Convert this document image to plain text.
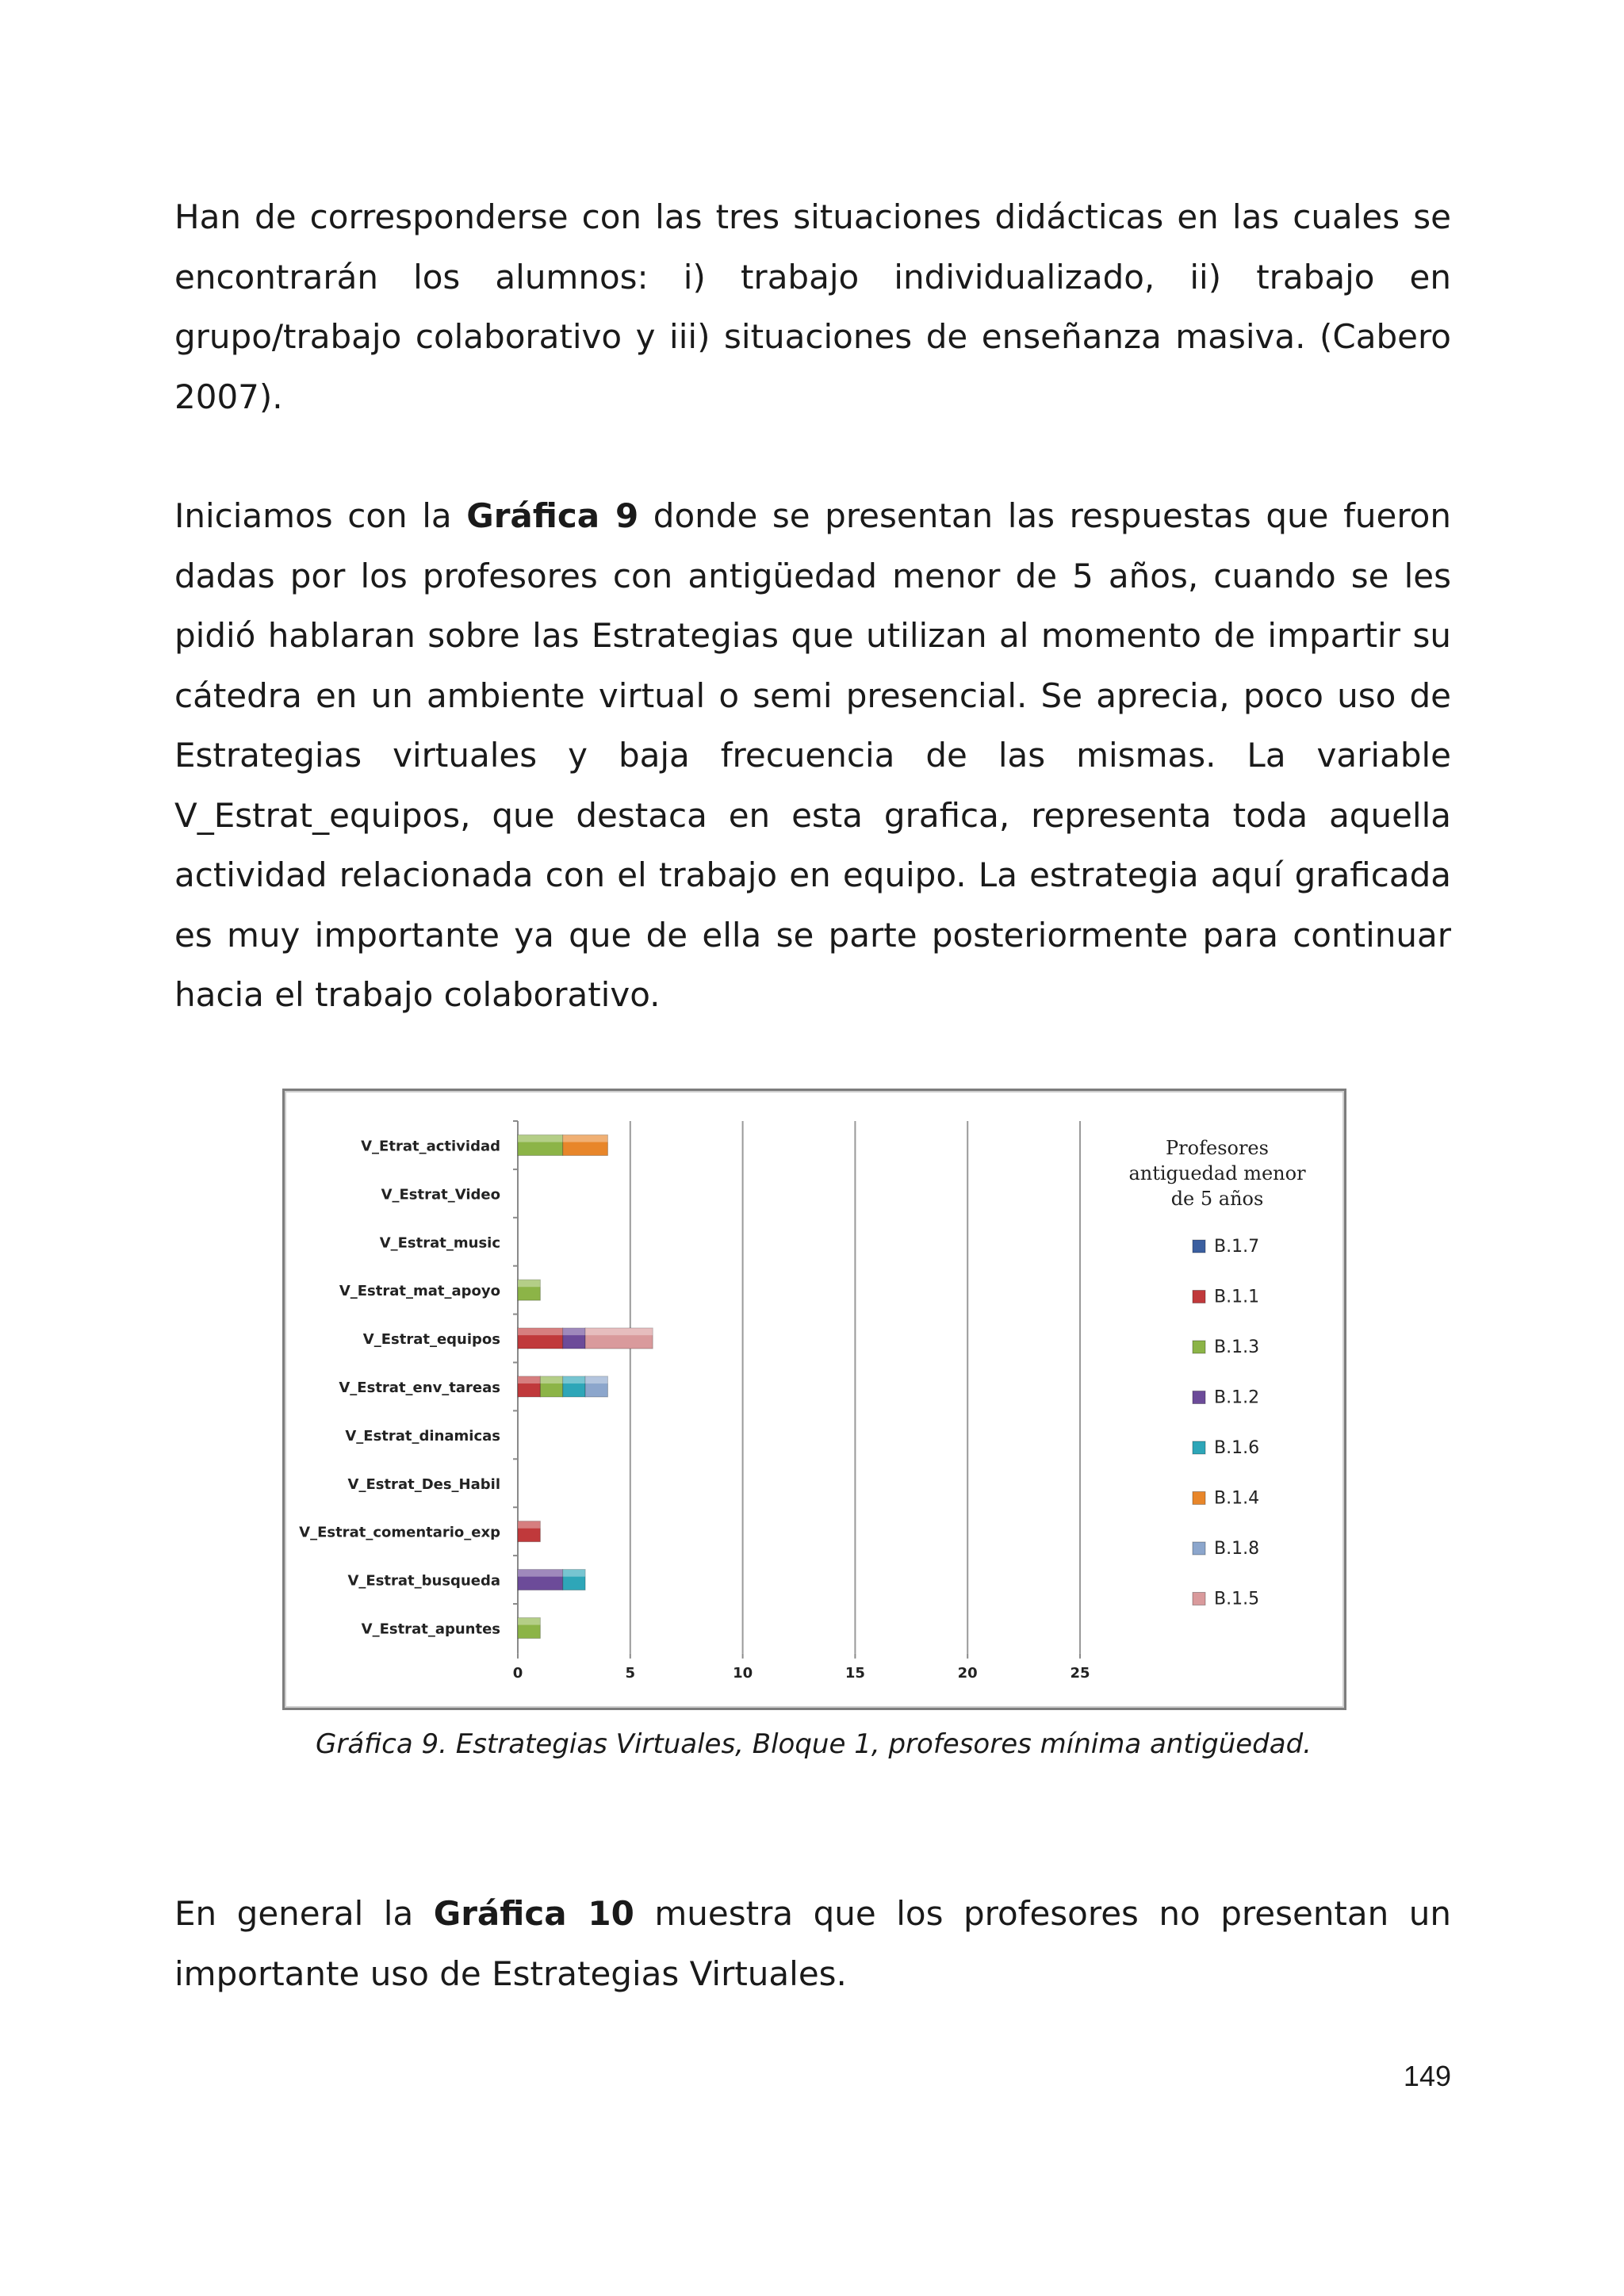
Han de corresponderse con las tres situaciones didácticas en las cuales se encontrarán los alumnos: i) trabajo individualizado, ii) trabajo en grupo/trabajo colaborativo y iii) situaciones de enseñanza masiva. (Cabero 2007).

Iniciamos con la Gráfica 9 donde se presentan las respuestas que fueron dadas por los profesores con antigüedad menor de 5 años, cuando se les pidió hablaran sobre las Estrategias que utilizan al momento de impartir su cátedra en un ambiente virtual o semi presencial. Se aprecia, poco uso de Estrategias virtuales y baja frecuencia de las mismas. La variable V_Estrat_equipos, que destaca en esta grafica, representa toda aquella actividad relacionada con el trabajo en equipo. La estrategia aquí graficada es muy importante ya que de ella se parte posteriormente para continuar hacia el trabajo colaborativo.

V_Etrat_actividad
V_Estrat_Video
V_Estrat_music
V_Estrat_mat_apoyo
V_Estrat_equipos
V_Estrat_env_tareas
V_Estrat_dinamicas
V_Estrat_Des_Habil
V_Estrat_comentario_exp
V_Estrat_busqueda
V_Estrat_apuntes
0	5	10	15	20	25
Profesores antiguedad menor de 5 años
B.1.7
B.1.1
B.1.3
B.1.2
B.1.6
B.1.4
B.1.8
B.1.5

Gráfica 9. Estrategias Virtuales, Bloque 1, profesores mínima antigüedad.

En general la Gráfica 10 muestra que los profesores no presentan un importante uso de Estrategias Virtuales.

149
